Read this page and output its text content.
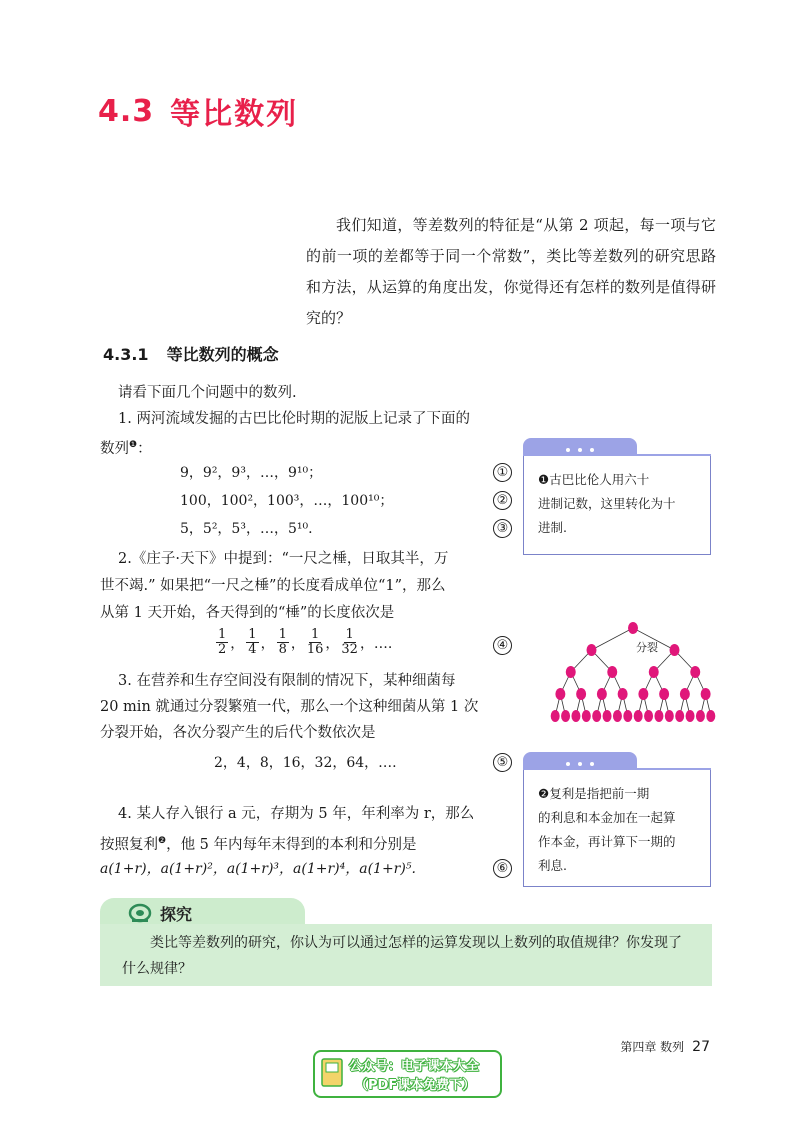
4.3 等比数列

我们知道，等差数列的特征是“从第 2 项起，每一项与它的前一项的差都等于同一个常数”，类比等差数列的研究思路和方法，从运算的角度出发，你觉得还有怎样的数列是值得研究的？

4.3.1 等比数列的概念
请看下面几个问题中的数列.
1. 两河流域发掘的古巴比伦时期的泥版上记录了下面的
数列$^❶$：
9，9²，9³，…，9¹⁰；	①
100，100²，100³，…，100¹⁰；	②
5，5²，5³，…，5¹⁰.	③
2.《庄子·天下》中提到：“一尺之棰，日取其半，万
世不竭.” 如果把“一尺之棰”的长度看成单位“1”，那么
从第 1 天开始，各天得到的“棰”的长度依次是
$\frac{1}{2}$ ， $\frac{1}{4}$ ， $\frac{1}{8}$ ， $\frac{1}{16}$ ， $\frac{1}{32}$ ，….	④
3. 在营养和生存空间没有限制的情况下，某种细菌每
20 min 就通过分裂繁殖一代，那么一个这种细菌从第 1 次
分裂开始，各次分裂产生的后代个数依次是
2，4，8，16，32，64，….	⑤
4. 某人存入银行 a 元，存期为 5 年，年利率为 r，那么
按照复利$^❷$，他 5 年内每年末得到的本利和分别是
a(1+r)，a(1+r)²，a(1+r)³，a(1+r)⁴，a(1+r)⁵.	⑥
❶古巴比伦人用六十
进制记数，这里转化为十
进制.
分裂
❷复利是指把前一期
的利息和本金加在一起算
作本金，再计算下一期的
利息.
探究
类比等差数列的研究，你认为可以通过怎样的运算发现以上数列的取值规律？你发现了什么规律？
第四章 数列 27
公众号：电子课本大全
（PDF课本免费下）
